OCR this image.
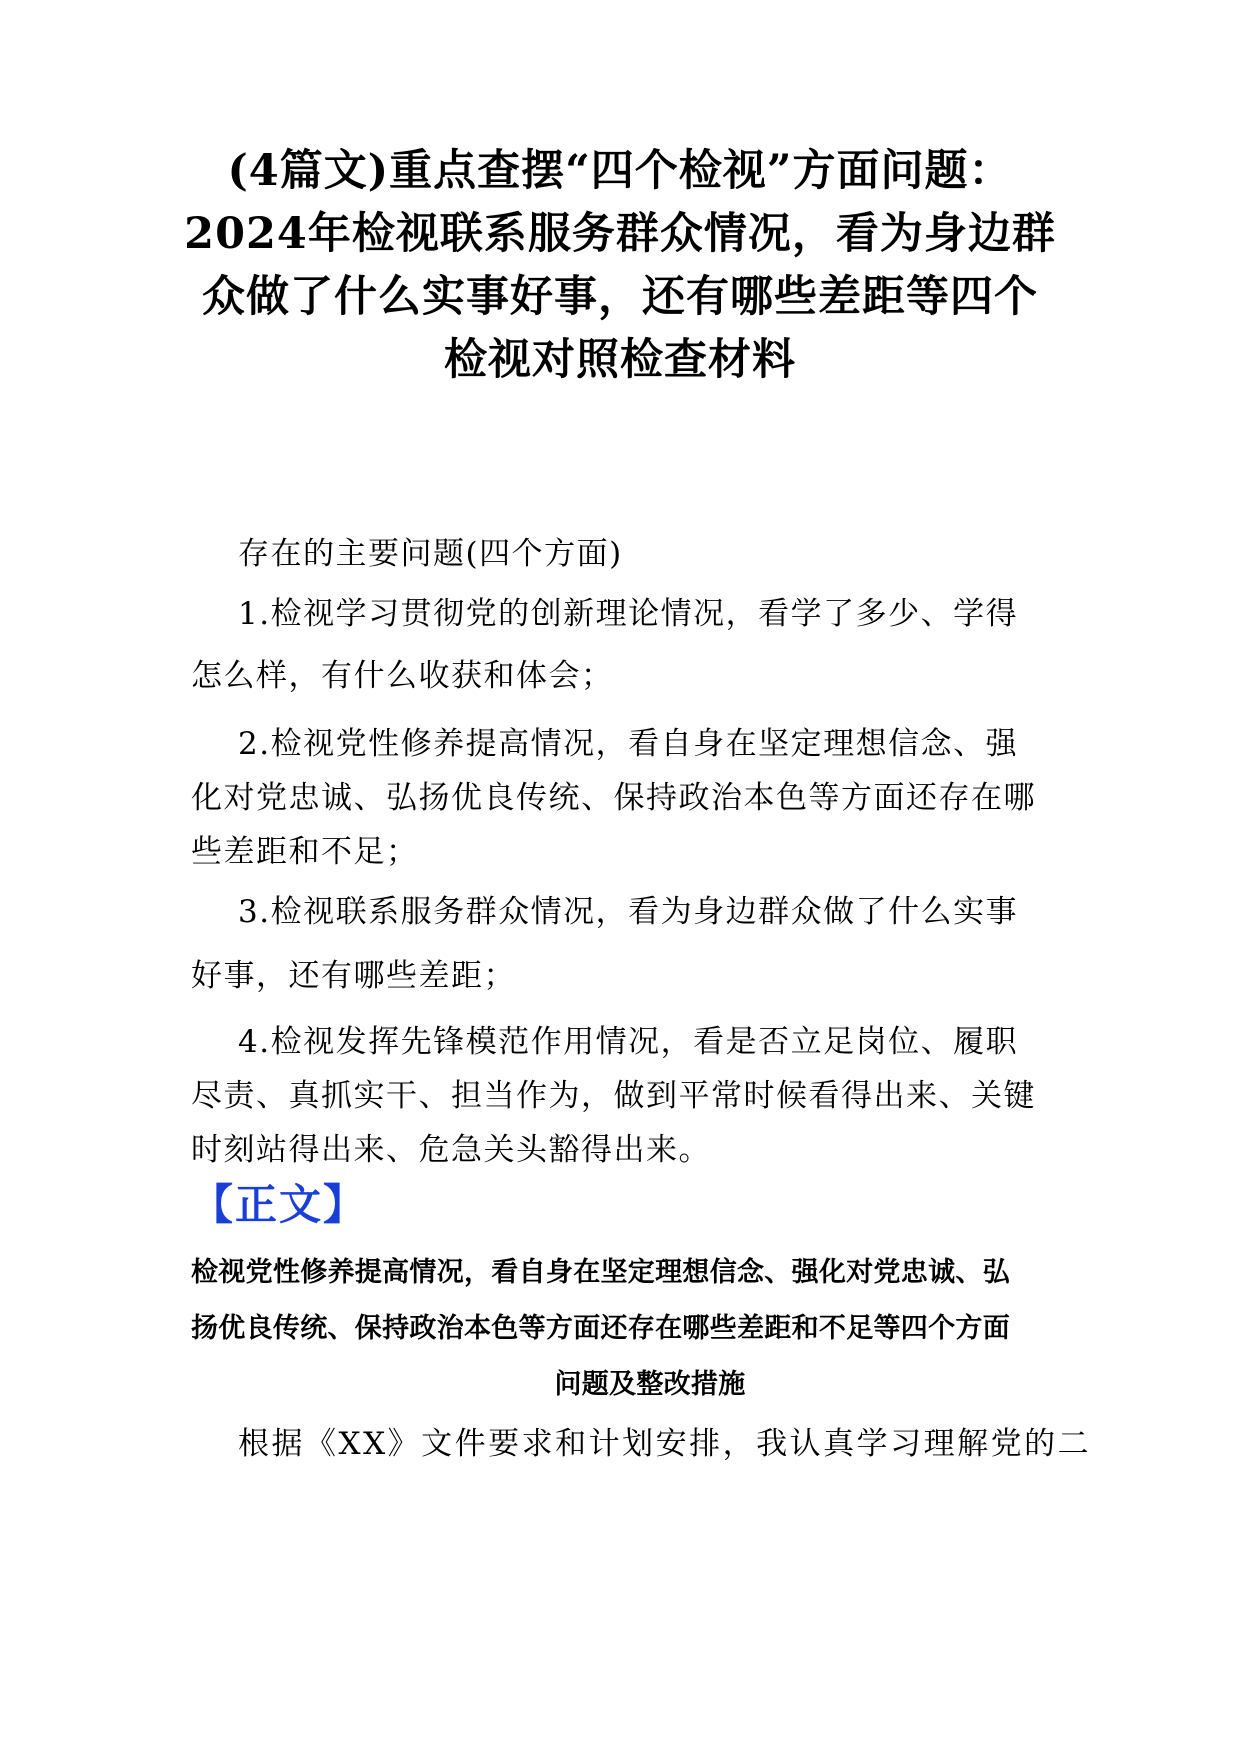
(4篇文)重点查摆“四个检视”方面问题：
2024年检视联系服务群众情况，看为身边群
众做了什么实事好事，还有哪些差距等四个
检视对照检查材料
存在的主要问题(四个方面)
1.检视学习贯彻党的创新理论情况，看学了多少、学得
怎么样，有什么收获和体会；
2.检视党性修养提高情况，看自身在坚定理想信念、强
化对党忠诚、弘扬优良传统、保持政治本色等方面还存在哪
些差距和不足；
3.检视联系服务群众情况，看为身边群众做了什么实事
好事，还有哪些差距；
4.检视发挥先锋模范作用情况，看是否立足岗位、履职
尽责、真抓实干、担当作为，做到平常时候看得出来、关键
时刻站得出来、危急关头豁得出来。
【正文】
检视党性修养提高情况，看自身在坚定理想信念、强化对党忠诚、弘
扬优良传统、保持政治本色等方面还存在哪些差距和不足等四个方面
问题及整改措施
根据《XX》文件要求和计划安排，我认真学习理解党的二
